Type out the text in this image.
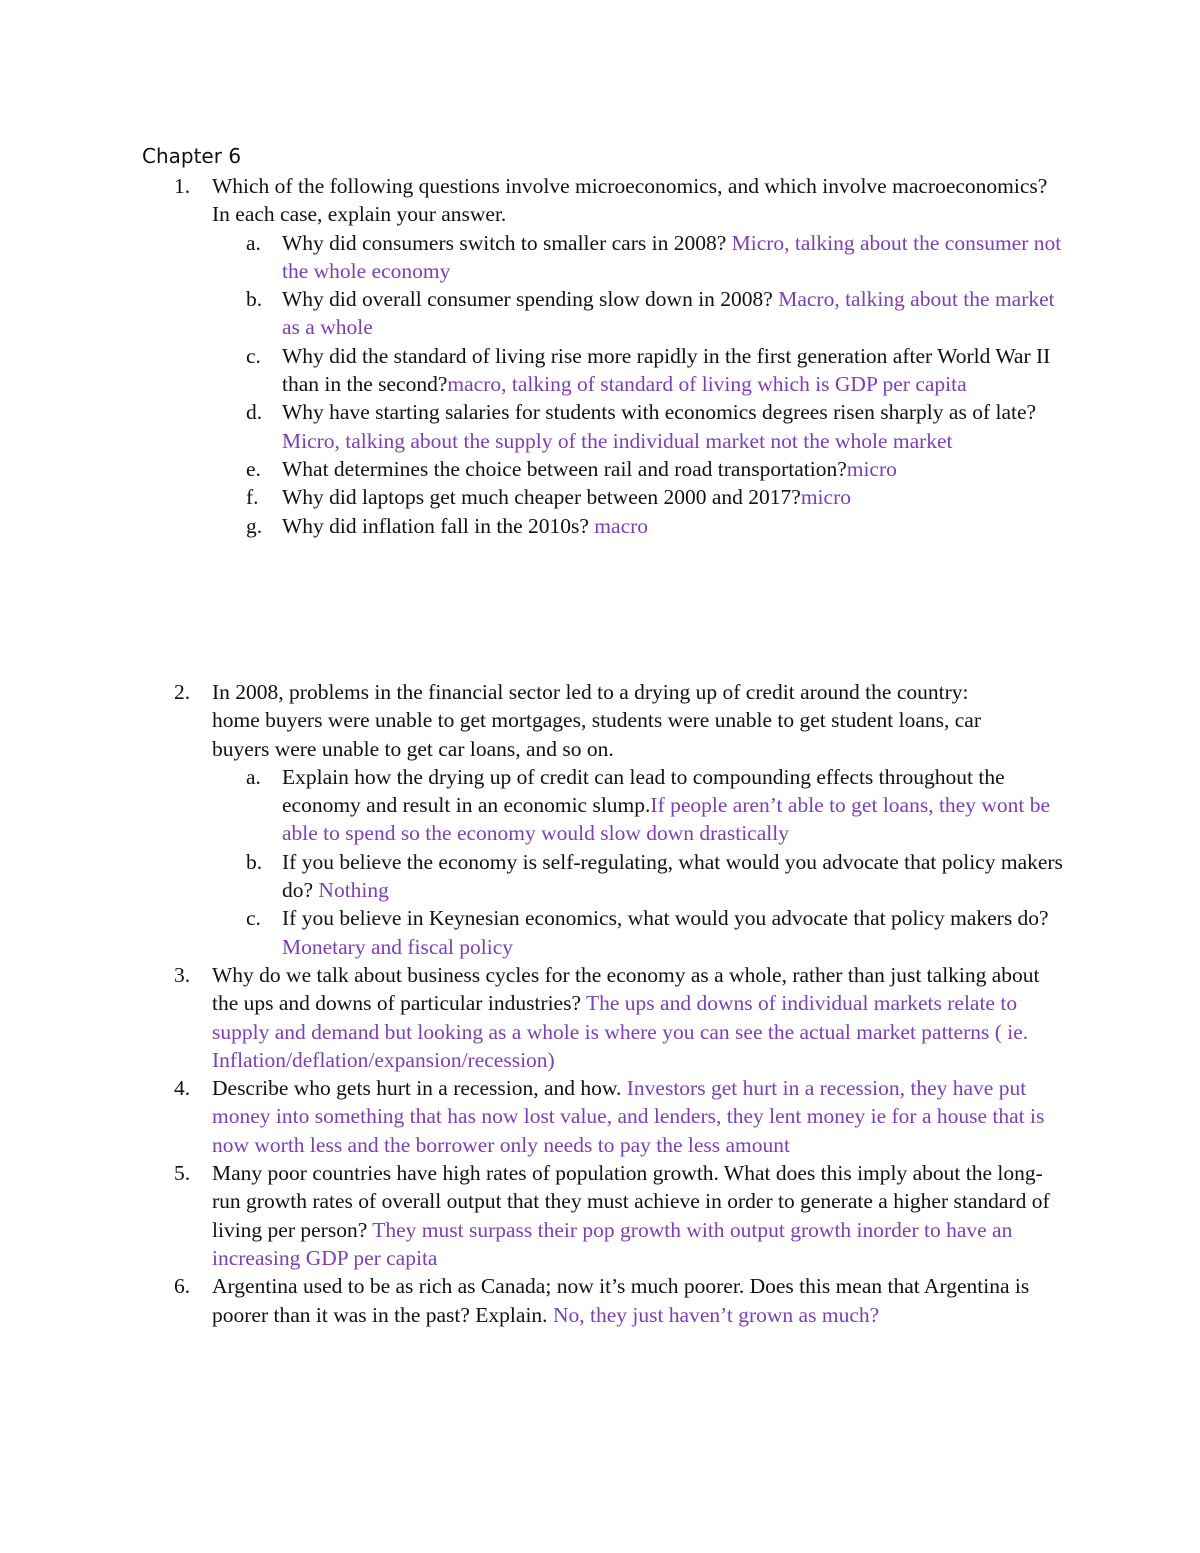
Chapter 6
1.	Which of the following questions involve microeconomics, and which involve macroeconomics? In each case, explain your answer.
a. Why did consumers switch to smaller cars in 2008? Micro, talking about the consumer not the whole economy
b. Why did overall consumer spending slow down in 2008? Macro, talking about the market as a whole
c. Why did the standard of living rise more rapidly in the first generation after World War II than in the second?macro, talking of standard of living which is GDP per capita
d. Why have starting salaries for students with economics degrees risen sharply as of late? Micro, talking about the supply of the individual market not the whole market
e. What determines the choice between rail and road transportation?micro
f.	Why did laptops get much cheaper between 2000 and 2017?micro
g. Why did inflation fall in the 2010s? macro
2.	In 2008, problems in the financial sector led to a drying up of credit around the country: home buyers were unable to get mortgages, students were unable to get student loans, car buyers were unable to get car loans, and so on.
a. Explain how the drying up of credit can lead to compounding effects throughout the economy and result in an economic slump.If people aren’t able to get loans, they wont be able to spend so the economy would slow down drastically
b. If you believe the economy is self-regulating, what would you advocate that policy makers do? Nothing
c. If you believe in Keynesian economics, what would you advocate that policy makers do? Monetary and fiscal policy
3.	Why do we talk about business cycles for the economy as a whole, rather than just talking about the ups and downs of particular industries? The ups and downs of individual markets relate to supply and demand but looking as a whole is where you can see the actual market patterns ( ie. Inflation/deflation/expansion/recession)
4.	Describe who gets hurt in a recession, and how. Investors get hurt in a recession, they have put money into something that has now lost value, and lenders, they lent money ie for a house that is now worth less and the borrower only needs to pay the less amount
5.	Many poor countries have high rates of population growth. What does this imply about the long-run growth rates of overall output that they must achieve in order to generate a higher standard of living per person? They must surpass their pop growth with output growth inorder to have an increasing GDP per capita
6.	Argentina used to be as rich as Canada; now it’s much poorer. Does this mean that Argentina is poorer than it was in the past? Explain. No, they just haven’t grown as much?
